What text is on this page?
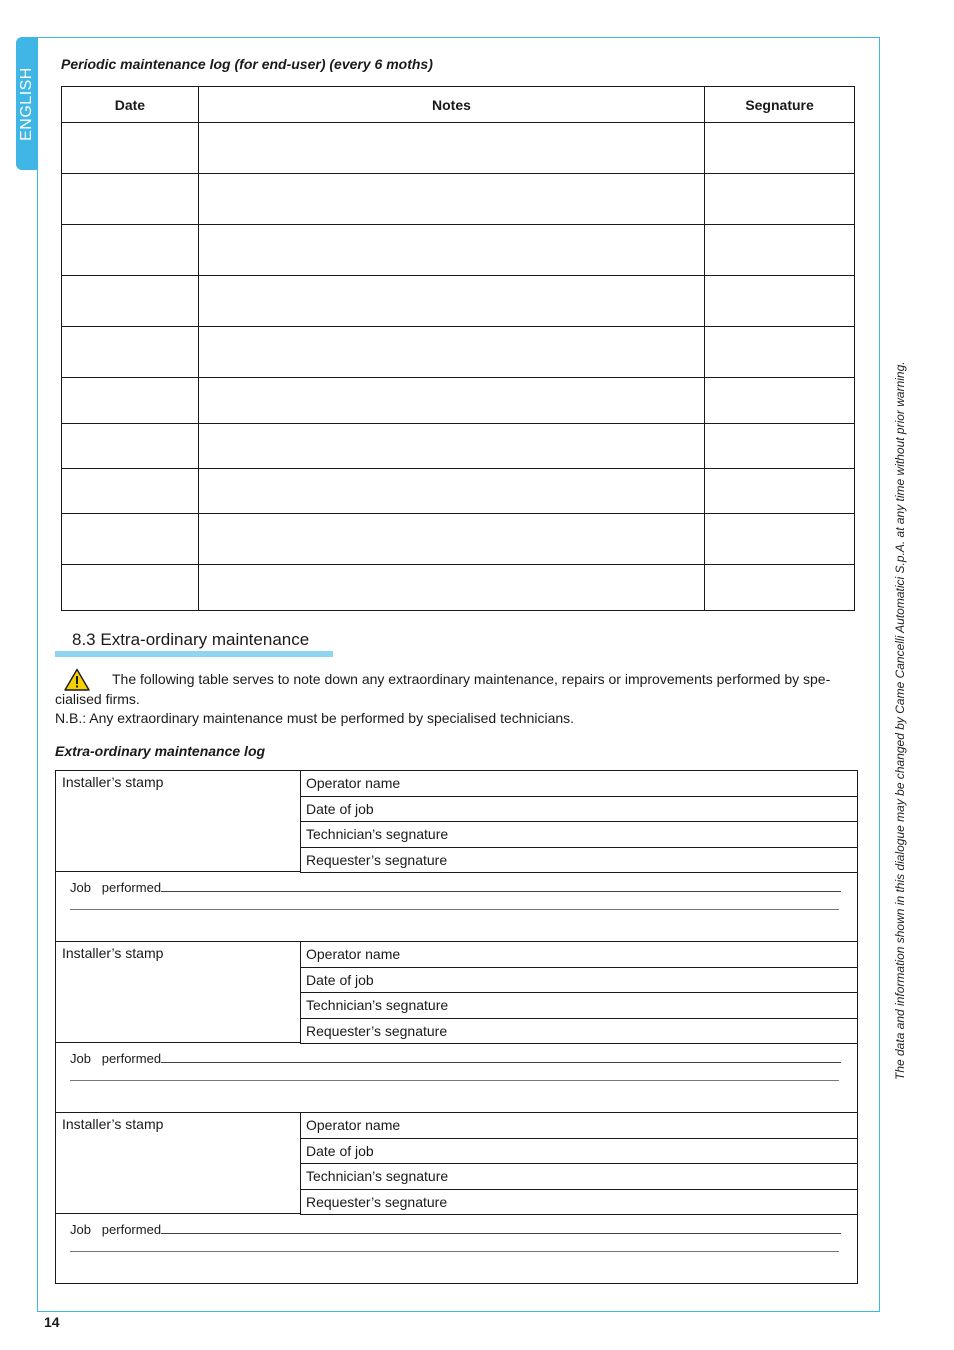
ENGLISH
The data and information shown in this dialogue may be changed by Came Cancelli Automatici S.p.A. at any time without prior warning.
Periodic maintenance log (for end-user) (every 6 moths)
Date	Notes	Segnature

8.3 Extra-ordinary maintenance

The following table serves to note down any extraordinary maintenance, repairs or improvements performed by spe-cialised firms.

N.B.: Any extraordinary maintenance must be performed by specialised technicians.

Extra-ordinary maintenance log
Installer’s stamp	Operator name
Date of job
Technician’s segnature
Requester’s segnature
Job   performed
Installer’s stamp	Operator name
Date of job
Technician’s segnature
Requester’s segnature
Job   performed
Installer’s stamp	Operator name
Date of job
Technician’s segnature
Requester’s segnature
Job   performed
14
